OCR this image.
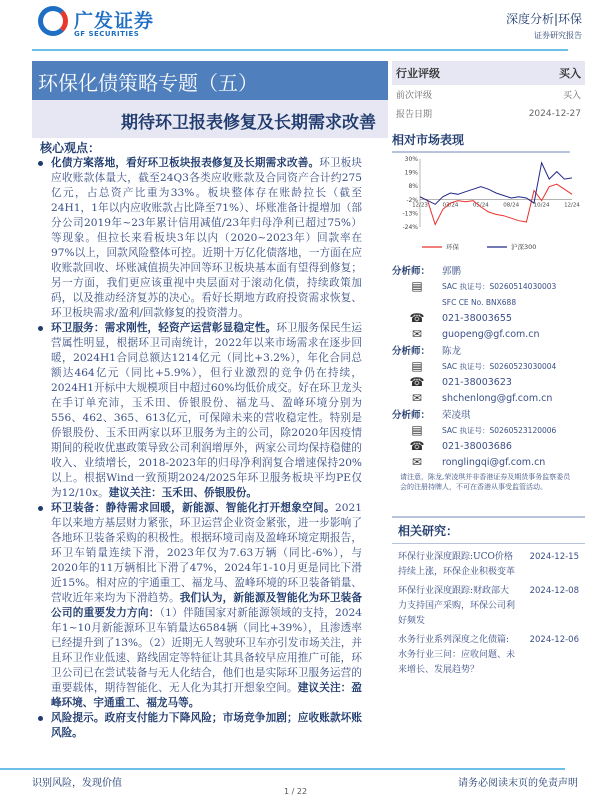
广发证券
GF SECURITIES
深度分析|环保
证券研究报告
环保化债策略专题（五）
期待环卫报表修复及长期需求改善
行业评级	买入
前次评级	买入
报告日期	2024-12-27
核心观点：
化债方案落地，看好环卫板块报表修复及长期需求改善。环卫板块应收账款体量大，截至24Q3各类应收账款及合同资产合计约275亿元，占总资产比重为33%。板块整体存在账龄拉长（截至24H1，1年以内应收账款占比降至71%）、坏账准备计提增加（部分公司2019年~23年累计信用减值/23年归母净利已超过75%）等现象。但拉长来看板块3年以内（2020~2023年）回款率在97%以上，回款风险整体可控。近期十万亿化债落地，一方面在应收账款回收、坏账减值损失冲回等环卫板块基本面有望得到修复；另一方面，我们更应该重视中央层面对于滚动化债，持续政策加码，以及推动经济复苏的决心。看好长期地方政府投资需求恢复、环卫板块需求/盈利/回款修复的投资潜力。
环卫服务：需求刚性，轻资产运营彰显稳定性。环卫服务保民生运营属性明显，根据环卫司南统计，2022年以来市场需求在逐步回暖，2024H1合同总额达1214亿元（同比+3.2%），年化合同总额达464亿元（同比+5.9%），但行业激烈的竞争仍在持续，2024H1开标中大规模项目中超过60%均低价成交。好在环卫龙头在手订单充沛，玉禾田、侨银股份、福龙马、盈峰环境分别为556、462、365、613亿元，可保障未来的营收稳定性。特别是侨银股份、玉禾田两家以环卫服务为主的公司，除2020年因疫情期间的税收优惠政策导致公司利润增厚外，两家公司均保持稳健的收入、业绩增长，2018-2023年的归母净利润复合增速保持20%以上。根据Wind一致预期2024/2025年环卫服务板块平均PE仅为12/10x。建议关注：玉禾田、侨银股份。
环卫装备：静待需求回暖，新能源、智能化打开想象空间。2021年以来地方基层财力紧张，环卫运营企业资金紧张，进一步影响了各地环卫装备采购的积极性。根据环境司南及盈峰环境定期报告，环卫车销量连续下滑，2023年仅为7.63万辆（同比-6%），与2020年的11万辆相比下滑了47%，2024年1-10月更是同比下滑近15%。相对应的宇通重工、福龙马、盈峰环境的环卫装备销量、营收近年来均为下滑趋势。我们认为，新能源及智能化为环卫装备公司的重要发力方向：（1）伴随国家对新能源领域的支持，2024年1~10月新能源环卫车销量达6584辆（同比+39%），且渗透率已经提升到了13%。（2）近期无人驾驶环卫车亦引发市场关注，并且环卫作业低速、路线固定等特征让其具备较早应用推广可能，环卫公司已在尝试装备与无人化结合，他们也是实际环卫服务运营的重要载体，期待智能化、无人化为其打开想象空间。建议关注：盈峰环境、宇通重工、福龙马等。
风险提示。政府支付能力下降风险；市场竞争加剧；应收账款坏账风险。
相对市场表现
30%
19%
8%
-2%
-13%
-24%
12/23	03/24	05/24	08/24	10/24	12/24
环保	沪深300
分析师：	郭鹏
▤	SAC 执证号：S0260514030003
SFC CE No. BNX688
☎	021-38003655
✉	guopeng@gf.com.cn
分析师：	陈龙
▤	SAC 执证号：S0260523030004
☎	021-38003623
✉	shchenlong@gf.com.cn
分析师：	荣凌琪
▤	SAC 执证号：S0260523120006
☎	021-38003686
✉	ronglingqi@gf.com.cn
请注意，陈龙,荣凌琪并非香港证券及期货事务监察委员会的注册持牌人，不可在香港从事受监管活动。
相关研究：
环保行业深度跟踪:UCO价格持续上涨，环保企业积极变革
2024-12-15
环保行业深度跟踪:财政部大力支持国产采购，环保公司利好频发
2024-12-08
水务行业系列深度之化债篇:水务行业三问：应收问题、未来增长、发展趋势？
2024-12-06
识别风险，发现价值
1 / 22
请务必阅读末页的免责声明
